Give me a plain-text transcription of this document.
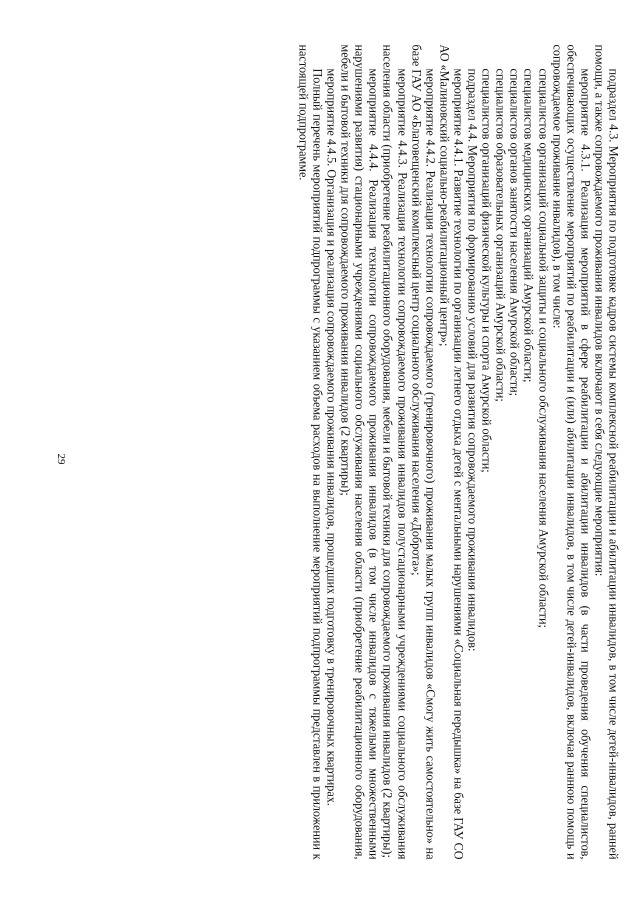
29	подраздел 4.3. Мероприятия по подготовке кадров системы комплексной реабилитации и абилитации инвалидов, в том числе детей-инвалидов, ранней помощи, а также сопровождаемого проживания инвалидов включают в себя следующие мероприятия:

мероприятие 4.3.1. Реализация мероприятий в сфере реабилитации и абилитации инвалидов (в части проведения обучения специалистов, обеспечивающих осуществление мероприятий по реабилитации и (или) абилитации инвалидов, в том числе детей-инвалидов, включая раннюю помощь и сопровождаемое проживание инвалидов), в том числе:

специалистов организаций социальной защиты и социального обслуживания населения Амурской области;

специалистов медицинских организаций Амурской области;

специалистов органов занятости населения Амурской области;

специалистов образовательных организаций Амурской области;

специалистов организаций физической культуры и спорта Амурской области;

подраздел 4.4. Мероприятия по формированию условий для развития сопровождаемого проживания инвалидов:

мероприятие 4.4.1. Развитие технологии по организации летнего отдыха детей с ментальными нарушениями «Социальная передышка» на базе ГАУ СО АО «Малиновский социально-реабилитационный центр»;

мероприятие 4.4.2. Реализация технологии сопровождаемого (тренировочного) проживания малых групп инвалидов «Смогу жить самостоятельно» на базе ГАУ АО «Благовещенский комплексный центр социального обслуживания населения «Доброта»;

мероприятие 4.4.3. Реализация технологии сопровождаемого проживания инвалидов полустационарными учреждениями социального обслуживания населения области (приобретение реабилитационного оборудования, мебели и бытовой техники для сопровождаемого проживания инвалидов (2 квартиры);

мероприятие 4.4.4. Реализация технологии сопровождаемого проживания инвалидов (в том числе инвалидов с тяжелыми множественными нарушениями развития) стационарными учреждениями социального обслуживания населения области (приобретение реабилитационного оборудования, мебели и бытовой техники для сопровождаемого проживания инвалидов (2 квартиры);

мероприятие 4.4.5. Организация и реализация сопровождаемого проживания инвалидов, прошедших подготовку в тренировочных квартирах.

Полный перечень мероприятий подпрограммы с указанием объема расходов на выполнение мероприятий подпрограммы представлен в приложении к настоящей подпрограмме.
